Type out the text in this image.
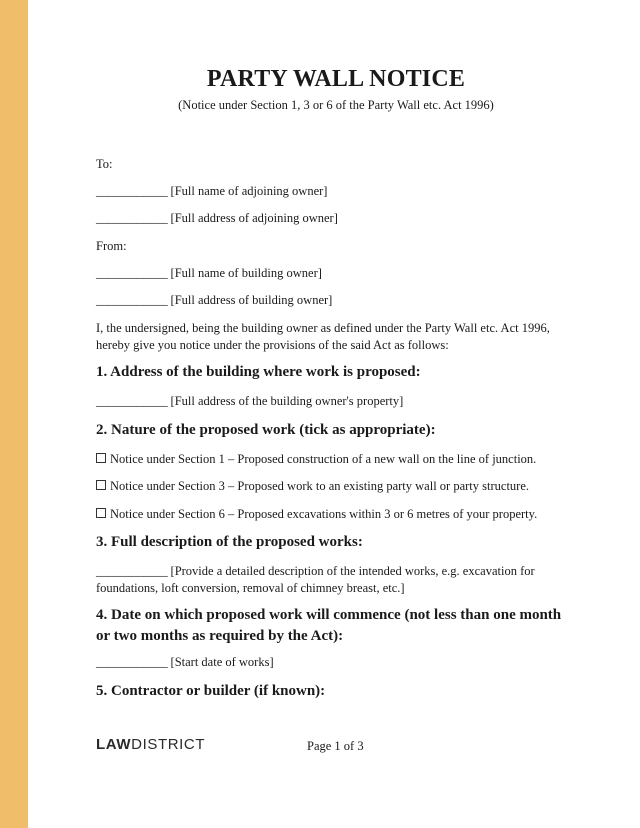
PARTY WALL NOTICE
(Notice under Section 1, 3 or 6 of the Party Wall etc. Act 1996)
To:
____________ [Full name of adjoining owner]
____________ [Full address of adjoining owner]
From:
____________ [Full name of building owner]
____________ [Full address of building owner]
I, the undersigned, being the building owner as defined under the Party Wall etc. Act 1996, hereby give you notice under the provisions of the said Act as follows:
1. Address of the building where work is proposed:
____________ [Full address of the building owner's property]
2. Nature of the proposed work (tick as appropriate):
Notice under Section 1 – Proposed construction of a new wall on the line of junction.
Notice under Section 3 – Proposed work to an existing party wall or party structure.
Notice under Section 6 – Proposed excavations within 3 or 6 metres of your property.
3. Full description of the proposed works:
____________ [Provide a detailed description of the intended works, e.g. excavation for foundations, loft conversion, removal of chimney breast, etc.]
4. Date on which proposed work will commence (not less than one month or two months as required by the Act):
____________ [Start date of works]
5. Contractor or builder (if known):
LAWDISTRICT	Page 1 of 3
